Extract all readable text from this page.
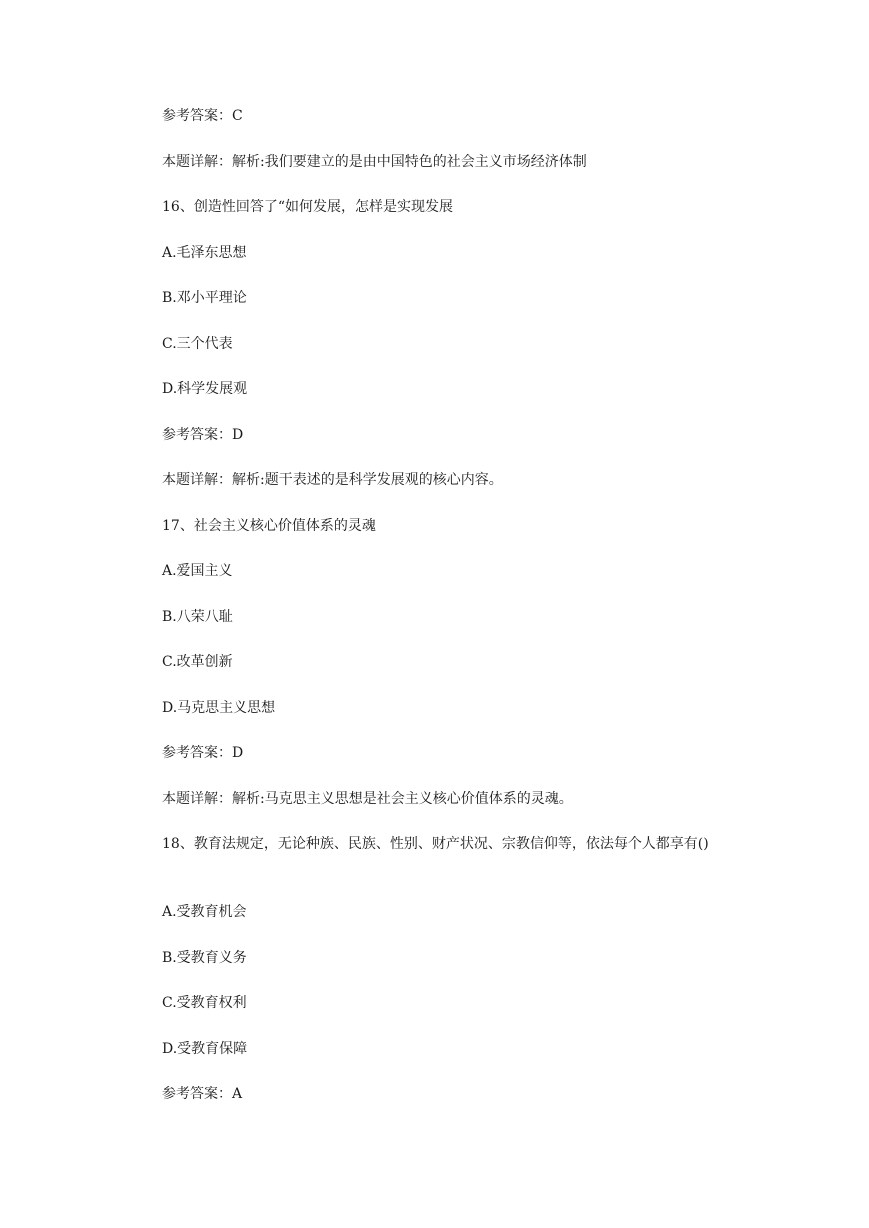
参考答案：C
本题详解：解析:我们要建立的是由中国特色的社会主义市场经济体制
16、创造性回答了“如何发展，怎样是实现发展
A.毛泽东思想
B.邓小平理论
C.三个代表
D.科学发展观
参考答案：D
本题详解：解析:题干表述的是科学发展观的核心内容。
17、社会主义核心价值体系的灵魂
A.爱国主义
B.八荣八耻
C.改革创新
D.马克思主义思想
参考答案：D
本题详解：解析:马克思主义思想是社会主义核心价值体系的灵魂。
18、教育法规定，无论种族、民族、性别、财产状况、宗教信仰等，依法每个人都享有()
A.受教育机会
B.受教育义务
C.受教育权利
D.受教育保障
参考答案：A
